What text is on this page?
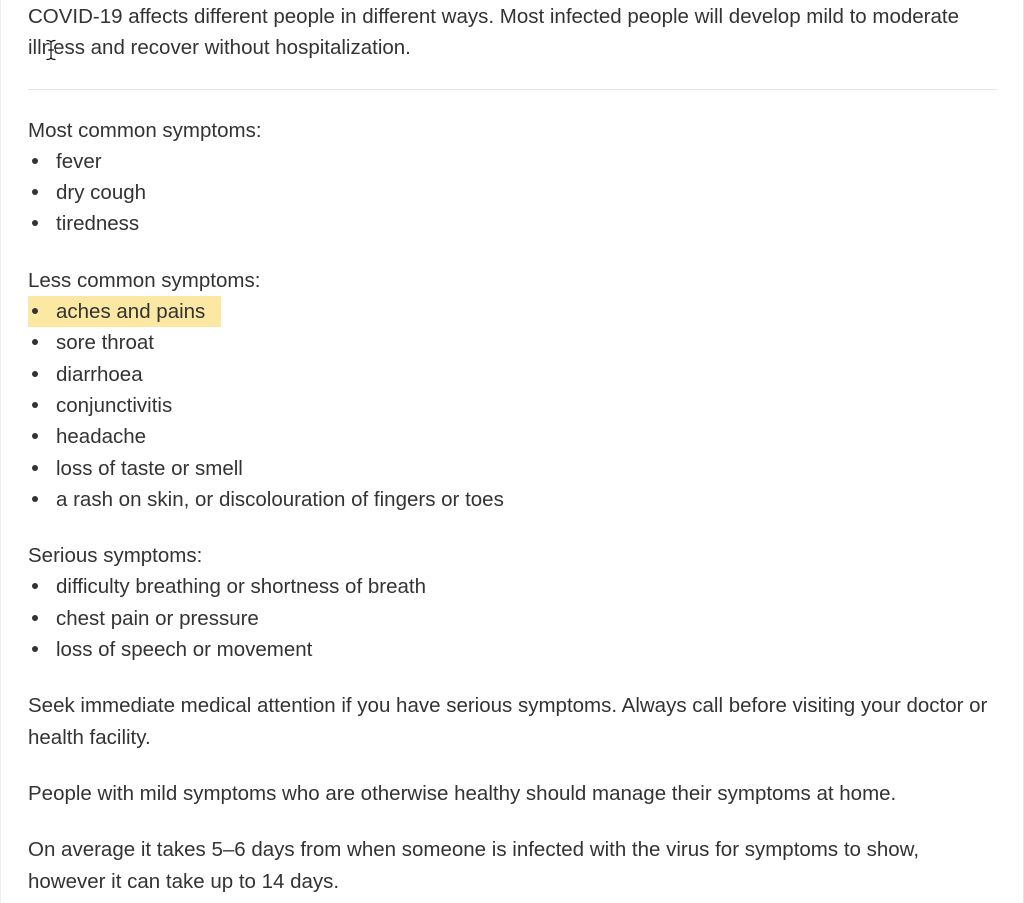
COVID-19 affects different people in different ways. Most infected people will develop mild to moderate illness and recover without hospitalization.

Most common symptoms:

fever
dry cough
tiredness

Less common symptoms:

aches and pains
sore throat
diarrhoea
conjunctivitis
headache
loss of taste or smell
a rash on skin, or discolouration of fingers or toes

Serious symptoms:

difficulty breathing or shortness of breath
chest pain or pressure
loss of speech or movement

Seek immediate medical attention if you have serious symptoms. Always call before visiting your doctor or health facility.

People with mild symptoms who are otherwise healthy should manage their symptoms at home.

On average it takes 5–6 days from when someone is infected with the virus for symptoms to show, however it can take up to 14 days.
